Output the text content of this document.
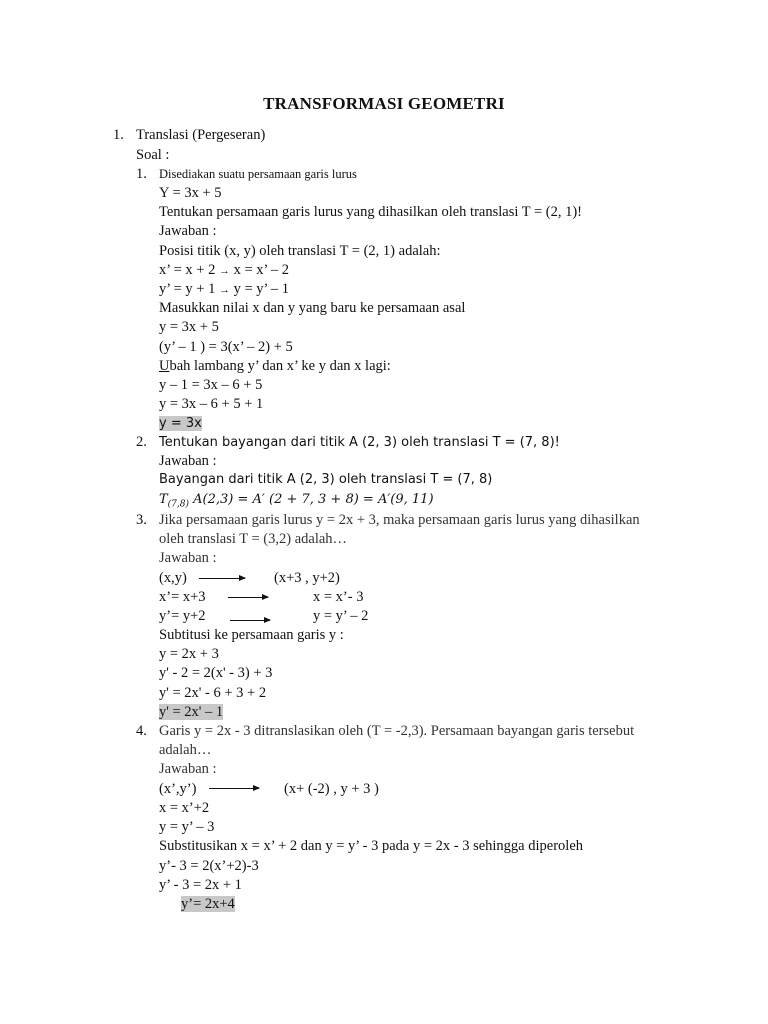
TRANSFORMASI GEOMETRI
1. Translasi (Pergeseran)
Soal :
1. Disediakan suatu persamaan garis lurus
Y = 3x + 5
Tentukan persamaan garis lurus yang dihasilkan oleh translasi T = (2, 1)!
Jawaban :
Posisi titik (x, y) oleh translasi T = (2, 1) adalah:
x’ = x + 2 → x = x’ – 2
y’ = y + 1 → y = y’ – 1
Masukkan nilai x dan y yang baru ke persamaan asal
y = 3x + 5
(y’ – 1 ) = 3(x’ – 2) + 5
Ubah lambang y’ dan x’ ke y dan x lagi:
y – 1 = 3x – 6 + 5
y = 3x – 6 + 5 + 1
y = 3x
2. Tentukan bayangan dari titik A (2, 3) oleh translasi T = (7, 8)!
Jawaban :
Bayangan dari titik A (2, 3) oleh translasi T = (7, 8)
$T_{(7,8)}$ A(2,3) = A′ (2 + 7, 3 + 8) = A′(9, 11)
3. Jika persamaan garis lurus y = 2x + 3, maka persamaan garis lurus yang dihasilkan
oleh translasi T = (3,2) adalah…
Jawaban :
(x,y)	(x+3 , y+2)
x’= x+3	x = x’- 3
y’= y+2	y = y’ – 2
Subtitusi ke persamaan garis y :
y = 2x + 3
y' - 2 = 2(x' - 3) + 3
y' = 2x' - 6 + 3 + 2
y' = 2x' – 1
4. Garis y = 2x - 3 ditranslasikan oleh (T = -2,3). Persamaan bayangan garis tersebut
adalah…
Jawaban :
(x’,y’)	(x+ (-2) , y + 3 )
x = x’+2
y = y’ – 3
Substitusikan x = x’ + 2 dan y = y’ - 3 pada y = 2x - 3 sehingga diperoleh
y’- 3 = 2(x’+2)-3
y’ - 3 = 2x + 1
y’= 2x+4
